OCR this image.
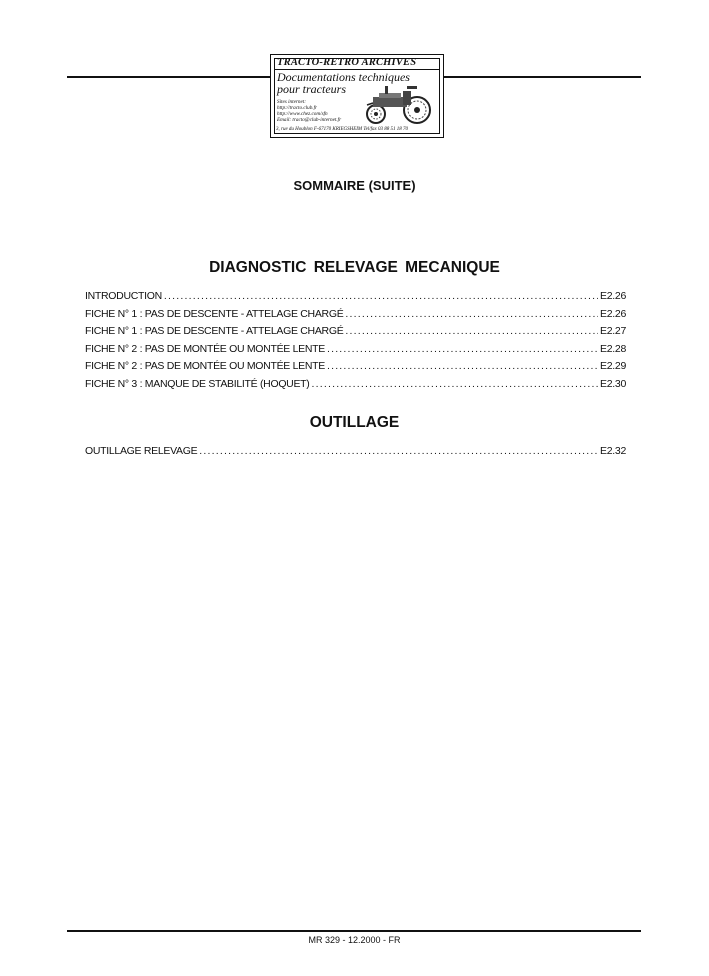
TRACTO-RETRO ARCHIVES
Documentations techniques
pour tracteurs
Sites internet:
http://tracto.club.fr
http://www.chez.com/sfn
Email: tracto@club-internet.fr
3, rue du Houblon F-67170 KRIEGSHEIM Tel/fax 03 88 51 18 70
SOMMAIRE (SUITE)
DIAGNOSTIC RELEVAGE MECANIQUE
INTRODUCTION .....	E2.26
FICHE N° 1 : PAS DE DESCENTE - ATTELAGE CHARGÉ .....	E2.26
FICHE N° 1 : PAS DE DESCENTE - ATTELAGE CHARGÉ .....	E2.27
FICHE N° 2 : PAS DE MONTÉE OU MONTÉE LENTE .....	E2.28
FICHE N° 2 : PAS DE MONTÉE OU MONTÉE LENTE .....	E2.29
FICHE N° 3 : MANQUE DE STABILITÉ (HOQUET) .....	E2.30
OUTILLAGE
OUTILLAGE RELEVAGE .....	E2.32
MR 329 - 12.2000 - FR
